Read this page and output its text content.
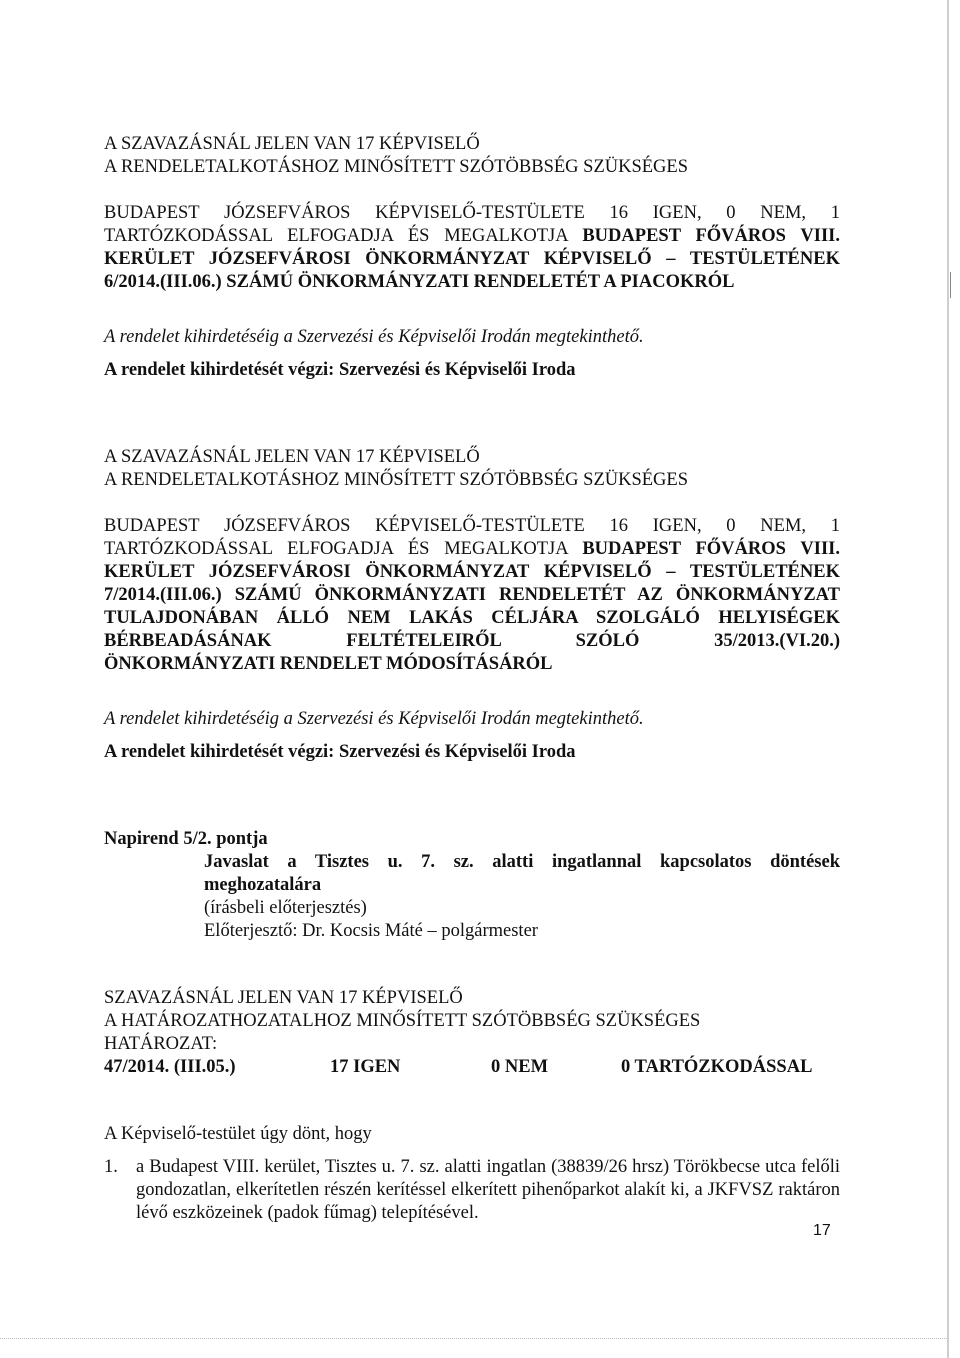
A SZAVAZÁSNÁL JELEN VAN 17 KÉPVISELŐ
A RENDELETALKOTÁSHOZ MINŐSÍTETT SZÓTÖBBSÉG SZÜKSÉGES
BUDAPEST JÓZSEFVÁROS KÉPVISELŐ-TESTÜLETE 16 IGEN, 0 NEM, 1
TARTÓZKODÁSSAL ELFOGADJA ÉS MEGALKOTJA BUDAPEST FŐVÁROS VIII.
KERÜLET JÓZSEFVÁROSI ÖNKORMÁNYZAT KÉPVISELŐ – TESTÜLETÉNEK
6/2014.(III.06.) SZÁMÚ ÖNKORMÁNYZATI RENDELETÉT A PIACOKRÓL
A rendelet kihirdetéséig a Szervezési és Képviselői Irodán megtekinthető.
A rendelet kihirdetését végzi: Szervezési és Képviselői Iroda
A SZAVAZÁSNÁL JELEN VAN 17 KÉPVISELŐ
A RENDELETALKOTÁSHOZ MINŐSÍTETT SZÓTÖBBSÉG SZÜKSÉGES
BUDAPEST JÓZSEFVÁROS KÉPVISELŐ-TESTÜLETE 16 IGEN, 0 NEM, 1
TARTÓZKODÁSSAL ELFOGADJA ÉS MEGALKOTJA BUDAPEST FŐVÁROS VIII.
KERÜLET JÓZSEFVÁROSI ÖNKORMÁNYZAT KÉPVISELŐ – TESTÜLETÉNEK
7/2014.(III.06.) SZÁMÚ ÖNKORMÁNYZATI RENDELETÉT AZ ÖNKORMÁNYZAT
TULAJDONÁBAN ÁLLÓ NEM LAKÁS CÉLJÁRA SZOLGÁLÓ HELYISÉGEK
BÉRBEADÁSÁNAK FELTÉTELEIRŐL SZÓLÓ 35/2013.(VI.20.)
ÖNKORMÁNYZATI RENDELET MÓDOSÍTÁSÁRÓL
A rendelet kihirdetéséig a Szervezési és Képviselői Irodán megtekinthető.
A rendelet kihirdetését végzi: Szervezési és Képviselői Iroda
Napirend 5/2. pontja
Javaslat a Tisztes u. 7. sz. alatti ingatlannal kapcsolatos döntések
meghozatalára
(írásbeli előterjesztés)
Előterjesztő: Dr. Kocsis Máté – polgármester
SZAVAZÁSNÁL JELEN VAN 17 KÉPVISELŐ
A HATÁROZATHOZATALHOZ MINŐSÍTETT SZÓTÖBBSÉG SZÜKSÉGES
HATÁROZAT:
47/2014. (III.05.)	17 IGEN	0 NEM	0 TARTÓZKODÁSSAL
A Képviselő-testület úgy dönt, hogy
1. a Budapest VIII. kerület, Tisztes u. 7. sz. alatti ingatlan (38839/26 hrsz) Törökbecse utca felőli gondozatlan, elkerítetlen részén kerítéssel elkerített pihenőparkot alakít ki, a JKFVSZ raktáron lévő eszközeinek (padok fűmag) telepítésével.
17
